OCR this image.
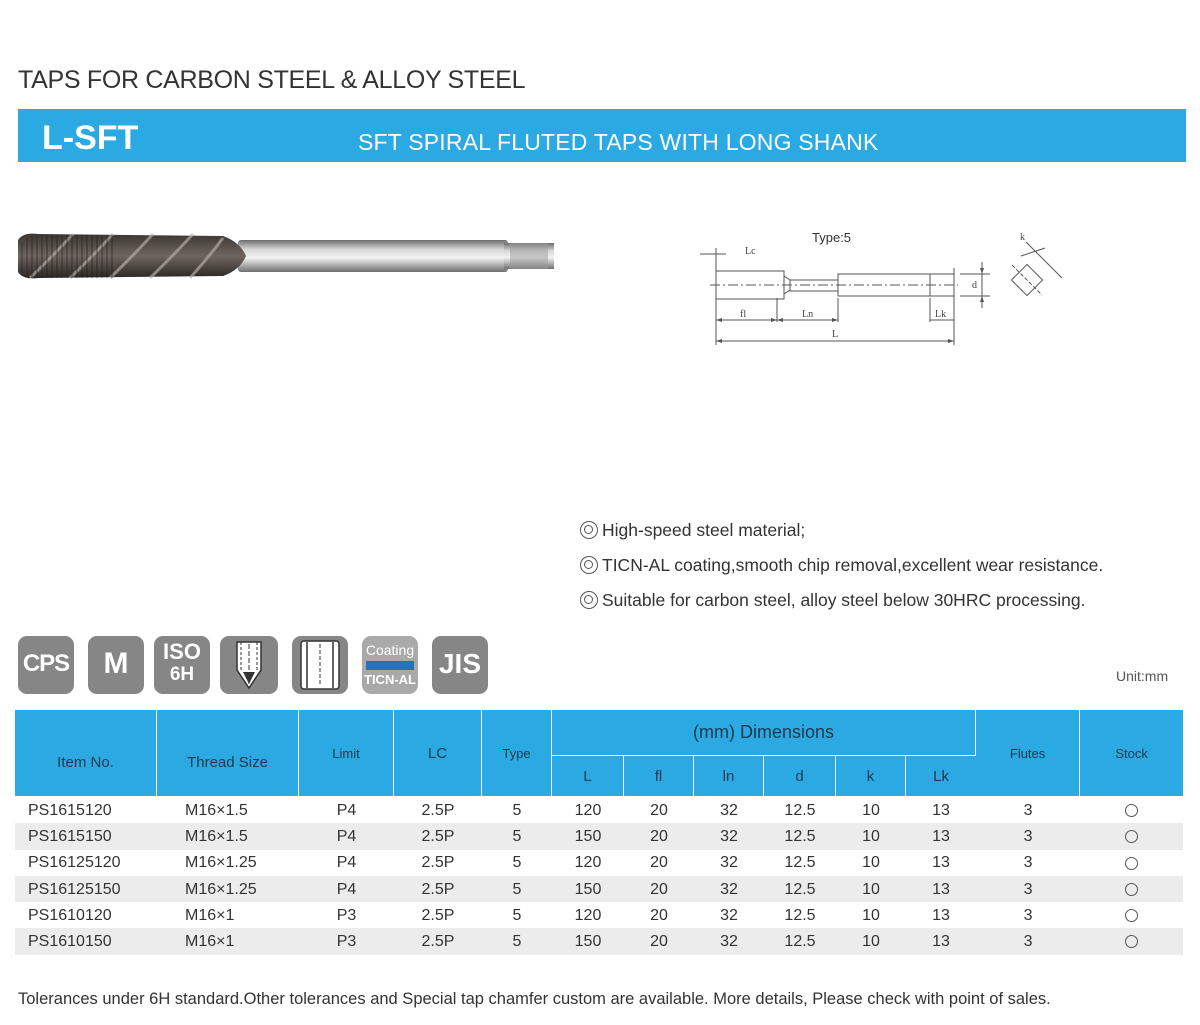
TAPS FOR CARBON STEEL & ALLOY STEEL
L-SFT	SFT SPIRAL FLUTED TAPS WITH LONG SHANK
Type:5
Lc
d
fl	Ln	Lk
L
k
High-speed steel material;
TICN-AL coating,smooth chip removal,excellent wear resistance.
Suitable for carbon steel, alloy steel below 30HRC processing.
CPS	M	ISO
6H
Coating
TICN-AL
JIS	Unit:mm
Item No.	Thread Size	Limit	LC	Type	(mm) Dimensions						Flutes	Stock
					L	fl	ln	d	k	Lk		
PS1615120	M16×1.5	P4	2.5P	5	120	20	32	12.5	10	13	3	
PS1615150	M16×1.5	P4	2.5P	5	150	20	32	12.5	10	13	3	
PS16125120	M16×1.25	P4	2.5P	5	120	20	32	12.5	10	13	3	
PS16125150	M16×1.25	P4	2.5P	5	150	20	32	12.5	10	13	3	
PS1610120	M16×1	P3	2.5P	5	120	20	32	12.5	10	13	3	
PS1610150	M16×1	P3	2.5P	5	150	20	32	12.5	10	13	3	
Tolerances under 6H standard.Other tolerances and Special tap chamfer custom are available. More details, Please check with point of sales.
